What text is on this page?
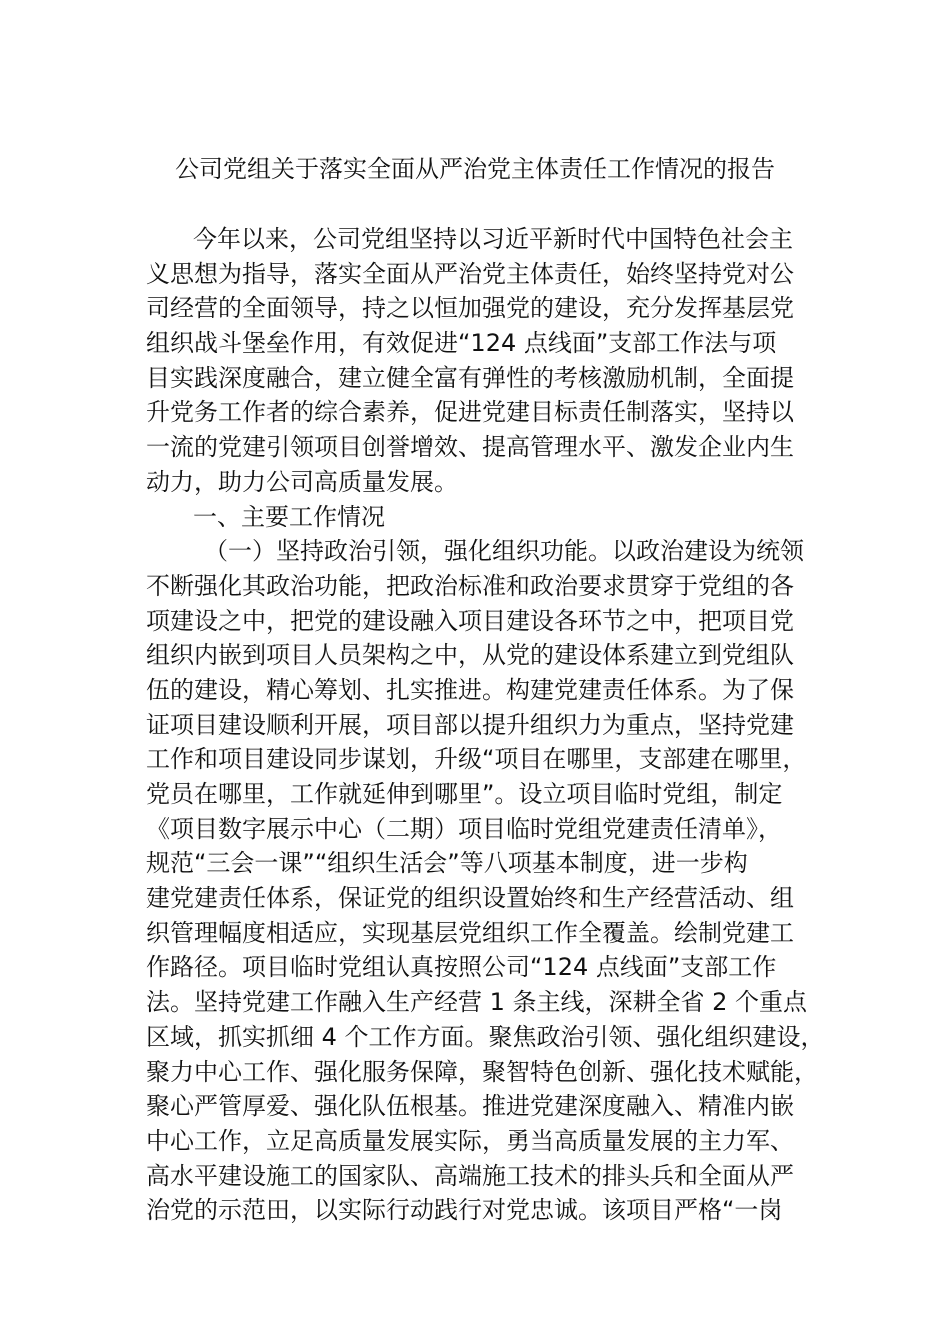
公司党组关于落实全面从严治党主体责任工作情况的报告
今年以来，公司党组坚持以习近平新时代中国特色社会主
义思想为指导，落实全面从严治党主体责任，始终坚持党对公
司经营的全面领导，持之以恒加强党的建设，充分发挥基层党
组织战斗堡垒作用，有效促进“124 点线面”支部工作法与项
目实践深度融合，建立健全富有弹性的考核激励机制，全面提
升党务工作者的综合素养，促进党建目标责任制落实，坚持以
一流的党建引领项目创誉增效、提高管理水平、激发企业内生
动力，助力公司高质量发展。
一、主要工作情况
（一）坚持政治引领，强化组织功能。以政治建设为统领
不断强化其政治功能，把政治标准和政治要求贯穿于党组的各
项建设之中，把党的建设融入项目建设各环节之中，把项目党
组织内嵌到项目人员架构之中，从党的建设体系建立到党组队
伍的建设，精心筹划、扎实推进。构建党建责任体系。为了保
证项目建设顺利开展，项目部以提升组织力为重点，坚持党建
工作和项目建设同步谋划，升级“项目在哪里，支部建在哪里，
党员在哪里，工作就延伸到哪里”。设立项目临时党组，制定
《项目数字展示中心（二期）项目临时党组党建责任清单》，
规范“三会一课”“组织生活会”等八项基本制度，进一步构
建党建责任体系，保证党的组织设置始终和生产经营活动、组
织管理幅度相适应，实现基层党组织工作全覆盖。绘制党建工
作路径。项目临时党组认真按照公司“124 点线面”支部工作
法。坚持党建工作融入生产经营 1 条主线，深耕全省 2 个重点
区域，抓实抓细 4 个工作方面。聚焦政治引领、强化组织建设，
聚力中心工作、强化服务保障，聚智特色创新、强化技术赋能，
聚心严管厚爱、强化队伍根基。推进党建深度融入、精准内嵌
中心工作，立足高质量发展实际，勇当高质量发展的主力军、
高水平建设施工的国家队、高端施工技术的排头兵和全面从严
治党的示范田，以实际行动践行对党忠诚。该项目严格“一岗
